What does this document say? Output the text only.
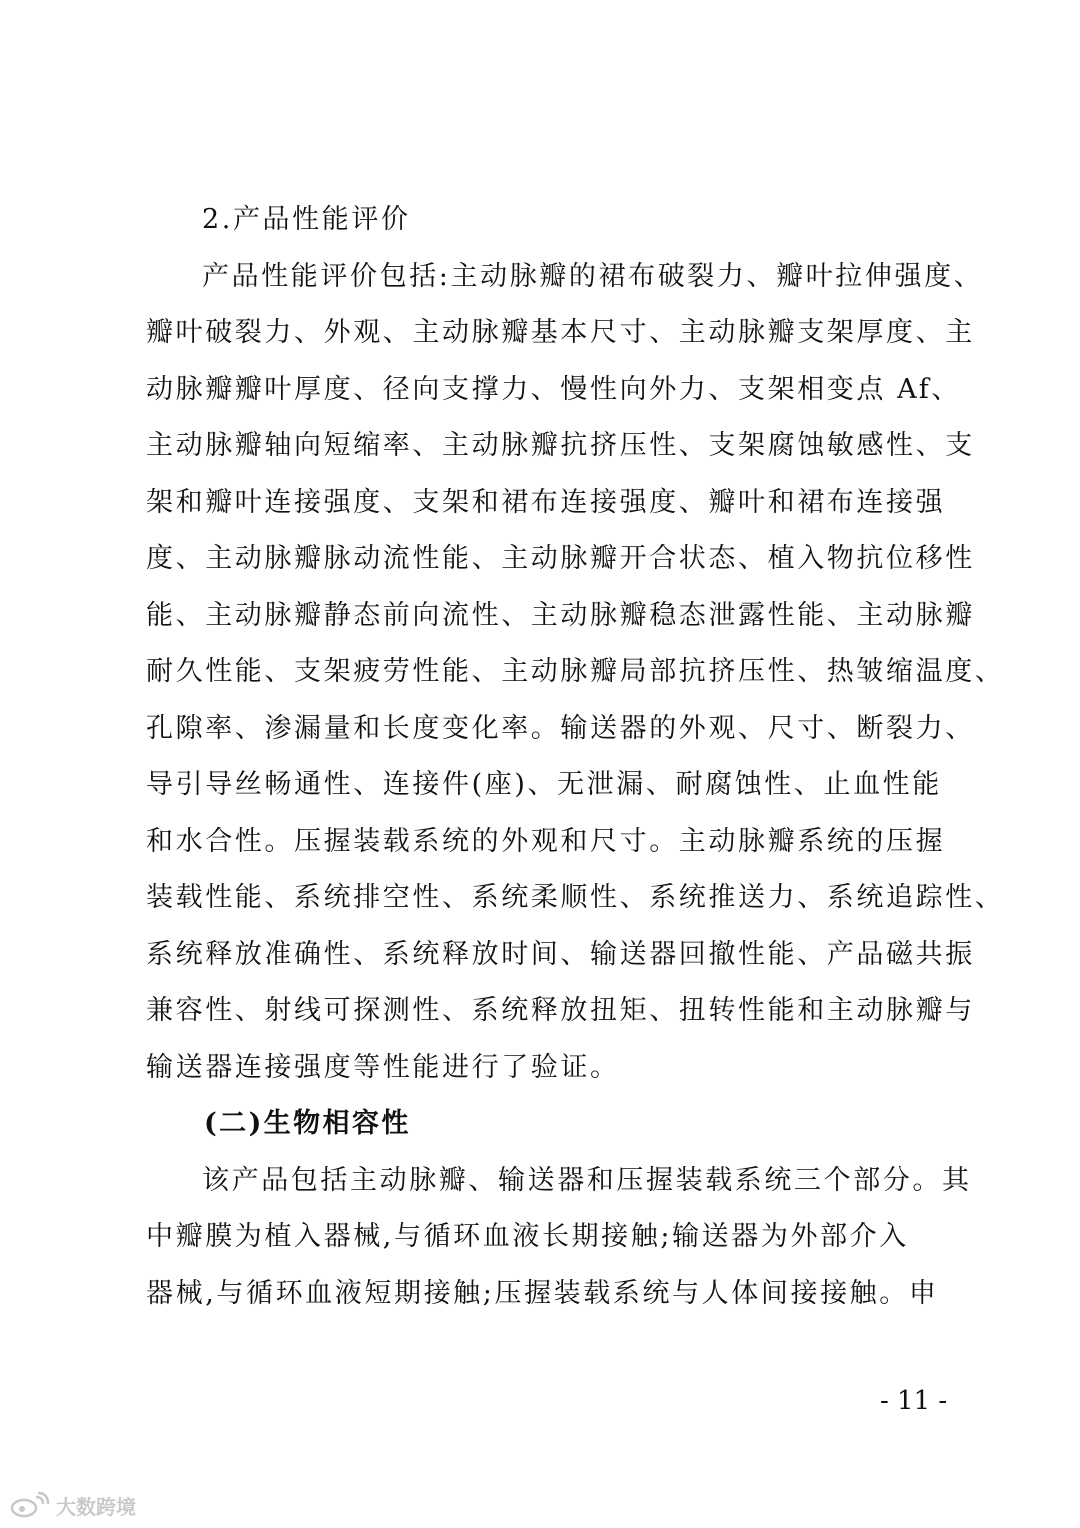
2.产品性能评价
产品性能评价包括:主动脉瓣的裙布破裂力、瓣叶拉伸强度、
瓣叶破裂力、外观、主动脉瓣基本尺寸、主动脉瓣支架厚度、主
动脉瓣瓣叶厚度、径向支撑力、慢性向外力、支架相变点 Af、
主动脉瓣轴向短缩率、主动脉瓣抗挤压性、支架腐蚀敏感性、支
架和瓣叶连接强度、支架和裙布连接强度、瓣叶和裙布连接强
度、主动脉瓣脉动流性能、主动脉瓣开合状态、植入物抗位移性
能、主动脉瓣静态前向流性、主动脉瓣稳态泄露性能、主动脉瓣
耐久性能、支架疲劳性能、主动脉瓣局部抗挤压性、热皱缩温度、
孔隙率、渗漏量和长度变化率。输送器的外观、尺寸、断裂力、
导引导丝畅通性、连接件(座)、无泄漏、耐腐蚀性、止血性能
和水合性。压握装载系统的外观和尺寸。主动脉瓣系统的压握
装载性能、系统排空性、系统柔顺性、系统推送力、系统追踪性、
系统释放准确性、系统释放时间、输送器回撤性能、产品磁共振
兼容性、射线可探测性、系统释放扭矩、扭转性能和主动脉瓣与
输送器连接强度等性能进行了验证。
(二)生物相容性
该产品包括主动脉瓣、输送器和压握装载系统三个部分。其
中瓣膜为植入器械,与循环血液长期接触;输送器为外部介入
器械,与循环血液短期接触;压握装载系统与人体间接接触。申
- 11 -
大数跨境
